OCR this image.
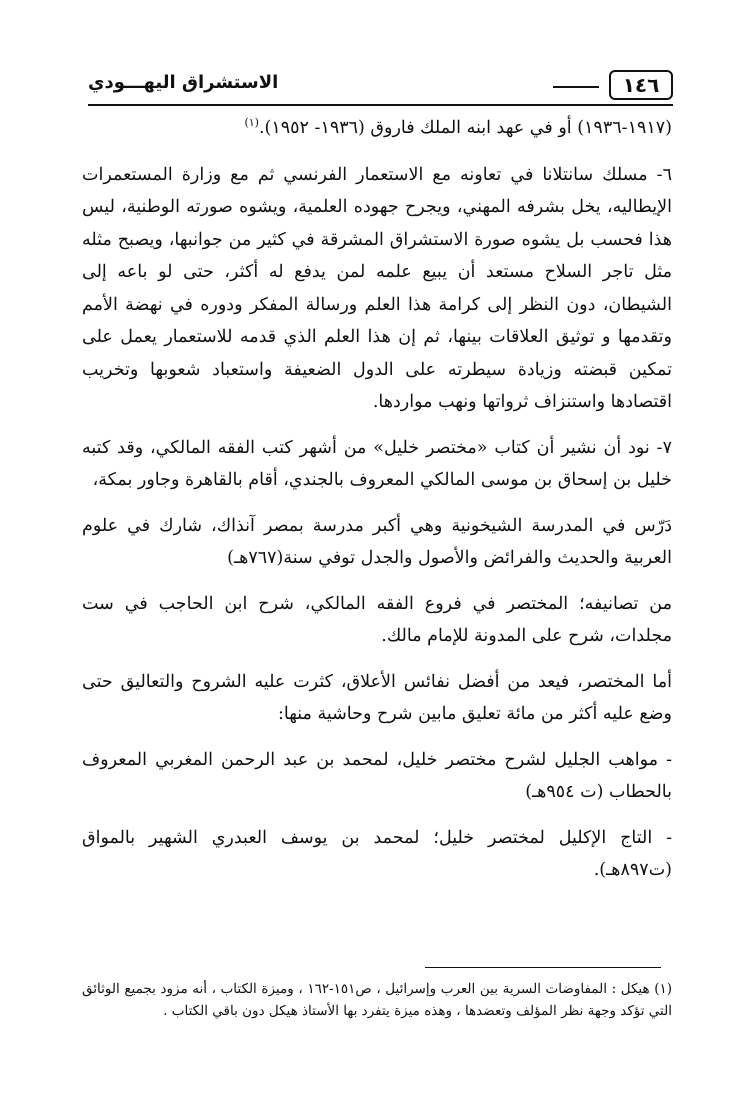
١٤٦
الاستشراق اليهـــودي

(١٩١٧-١٩٣٦) أو في عهد ابنه الملك فاروق (١٩٣٦- ١٩٥٢).$^{(١)}$

٦- مسلك سانتلانا في تعاونه مع الاستعمار الفرنسي ثم مع وزارة المستعمرات الإيطاليه، يخل بشرفه المهني، ويجرح جهوده العلمية، ويشوه صورته الوطنية، ليس هذا فحسب بل يشوه صورة الاستشراق المشرقة في كثير من جوانبها، ويصبح مثله مثل تاجر السلاح مستعد أن يبيع علمه لمن يدفع له أكثر، حتى لو باعه إلى الشيطان، دون النظر إلى كرامة هذا العلم ورسالة المفكر ودوره في نهضة الأمم وتقدمها و توثيق العلاقات بينها، ثم إن هذا العلم الذي قدمه للاستعمار يعمل على تمكين قبضته وزيادة سيطرته على الدول الضعيفة واستعباد شعوبها وتخريب اقتصادها واستنزاف ثرواتها ونهب مواردها.

٧- نود أن نشير أن كتاب «مختصر خليل» من أشهر كتب الفقه المالكي، وقد كتبه خليل بن إسحاق بن موسى المالكي المعروف بالجندي، أقام بالقاهرة وجاور بمكة،

دَرّس في المدرسة الشيخونية وهي أكبر مدرسة بمصر آنذاك، شارك في علوم العربية والحديث والفرائض والأصول والجدل توفي سنة(٧٦٧هـ)

من تصانيفه؛ المختصر في فروع الفقه المالكي، شرح ابن الحاجب في ست مجلدات، شرح على المدونة للإمام مالك.

أما المختصر، فيعد من أفضل نفائس الأعلاق، كثرت عليه الشروح والتعاليق حتى وضع عليه أكثر من مائة تعليق مابين شرح وحاشية منها:

- مواهب الجليل لشرح مختصر خليل، لمحمد بن عبد الرحمن المغربي المعروف بالحطاب (ت ٩٥٤هـ)

- التاج الإكليل لمختصر خليل؛ لمحمد بن يوسف العبدري الشهير بالمواق (ت٨٩٧هـ).

(١) هيكل : المفاوضات السرية بين العرب وإسرائيل ، ص١٥١-١٦٢ ، وميزة الكتاب ، أنه مزود بجميع الوثائق التي تؤكد وجهة نظر المؤلف وتعضدها ، وهذه ميزة يتفرد بها الأستاذ هيكل دون باقي الكتاب .
